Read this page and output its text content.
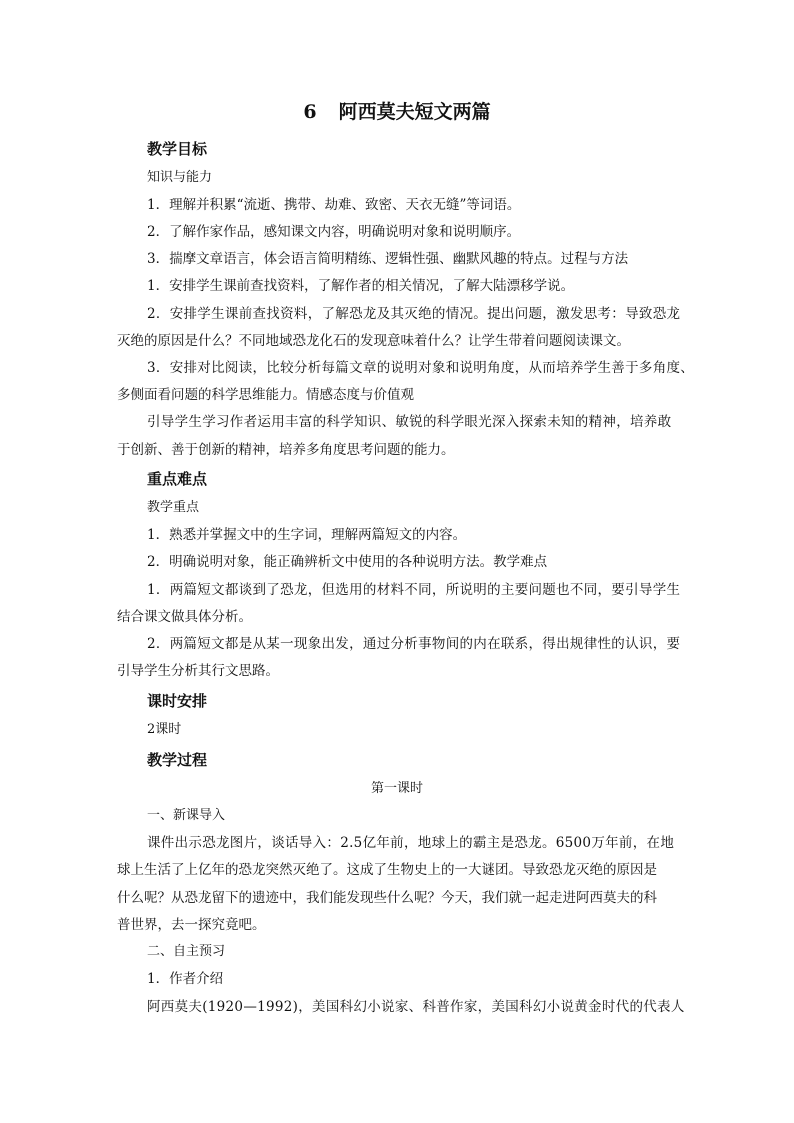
6 阿西莫夫短文两篇
教学目标
知识与能力
1．理解并积累“流逝、携带、劫难、致密、天衣无缝”等词语。
2．了解作家作品，感知课文内容，明确说明对象和说明顺序。
3．揣摩文章语言，体会语言简明精练、逻辑性强、幽默风趣的特点。过程与方法
1．安排学生课前查找资料，了解作者的相关情况，了解大陆漂移学说。
2．安排学生课前查找资料，了解恐龙及其灭绝的情况。提出问题，激发思考：导致恐龙
灭绝的原因是什么？不同地域恐龙化石的发现意味着什么？让学生带着问题阅读课文。
3．安排对比阅读，比较分析每篇文章的说明对象和说明角度，从而培养学生善于多角度、
多侧面看问题的科学思维能力。情感态度与价值观
引导学生学习作者运用丰富的科学知识、敏锐的科学眼光深入探索未知的精神，培养敢
于创新、善于创新的精神，培养多角度思考问题的能力。
重点难点
教学重点
1．熟悉并掌握文中的生字词，理解两篇短文的内容。
2．明确说明对象，能正确辨析文中使用的各种说明方法。教学难点
1．两篇短文都谈到了恐龙，但选用的材料不同，所说明的主要问题也不同，要引导学生
结合课文做具体分析。
2．两篇短文都是从某一现象出发，通过分析事物间的内在联系，得出规律性的认识，要
引导学生分析其行文思路。
课时安排
2课时
教学过程
第一课时
一、新课导入
课件出示恐龙图片，谈话导入：2.5亿年前，地球上的霸主是恐龙。6500万年前，在地
球上生活了上亿年的恐龙突然灭绝了。这成了生物史上的一大谜团。导致恐龙灭绝的原因是
什么呢？从恐龙留下的遗迹中，我们能发现些什么呢？今天，我们就一起走进阿西莫夫的科
普世界，去一探究竟吧。
二、自主预习
1．作者介绍
阿西莫夫(1920—1992)，美国科幻小说家、科普作家，美国科幻小说黄金时代的代表人
